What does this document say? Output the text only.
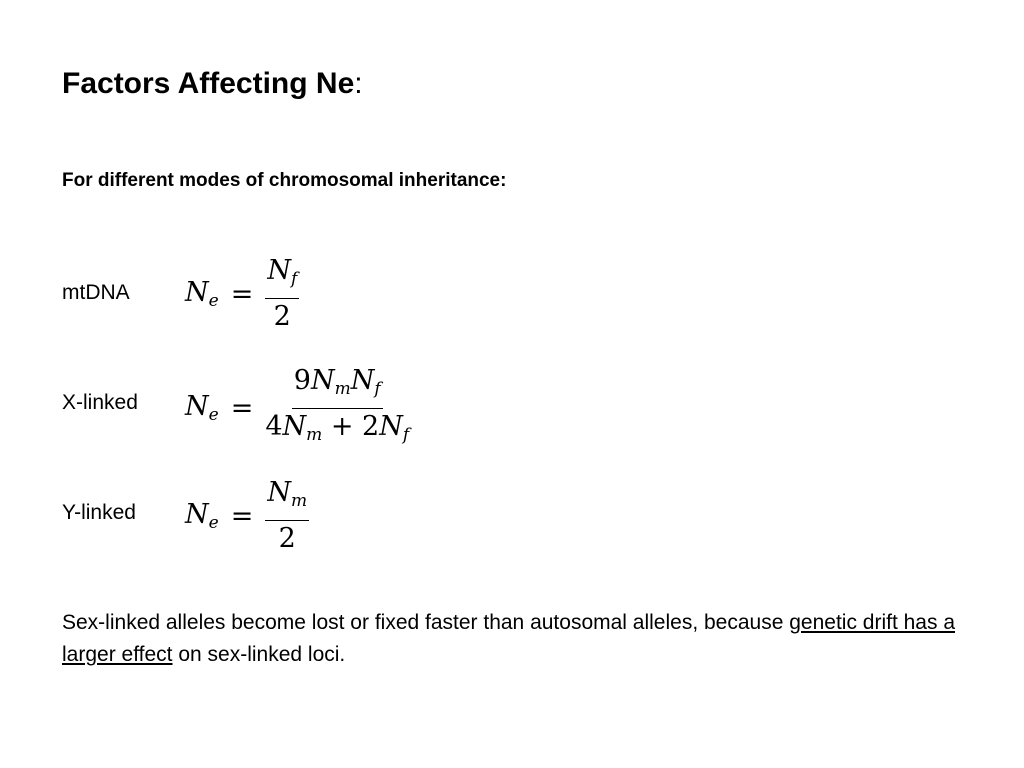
Factors Affecting Ne:
For different modes of chromosomal inheritance:
mtDNA $N_e = \frac{N_f}{2}$
X-linked $N_e = \frac{9N_mN_f}{4N_m + 2N_f}$
Y-linked $N_e = \frac{N_m}{2}$
Sex-linked alleles become lost or fixed faster than autosomal alleles, because genetic drift has a larger effect on sex-linked loci.
